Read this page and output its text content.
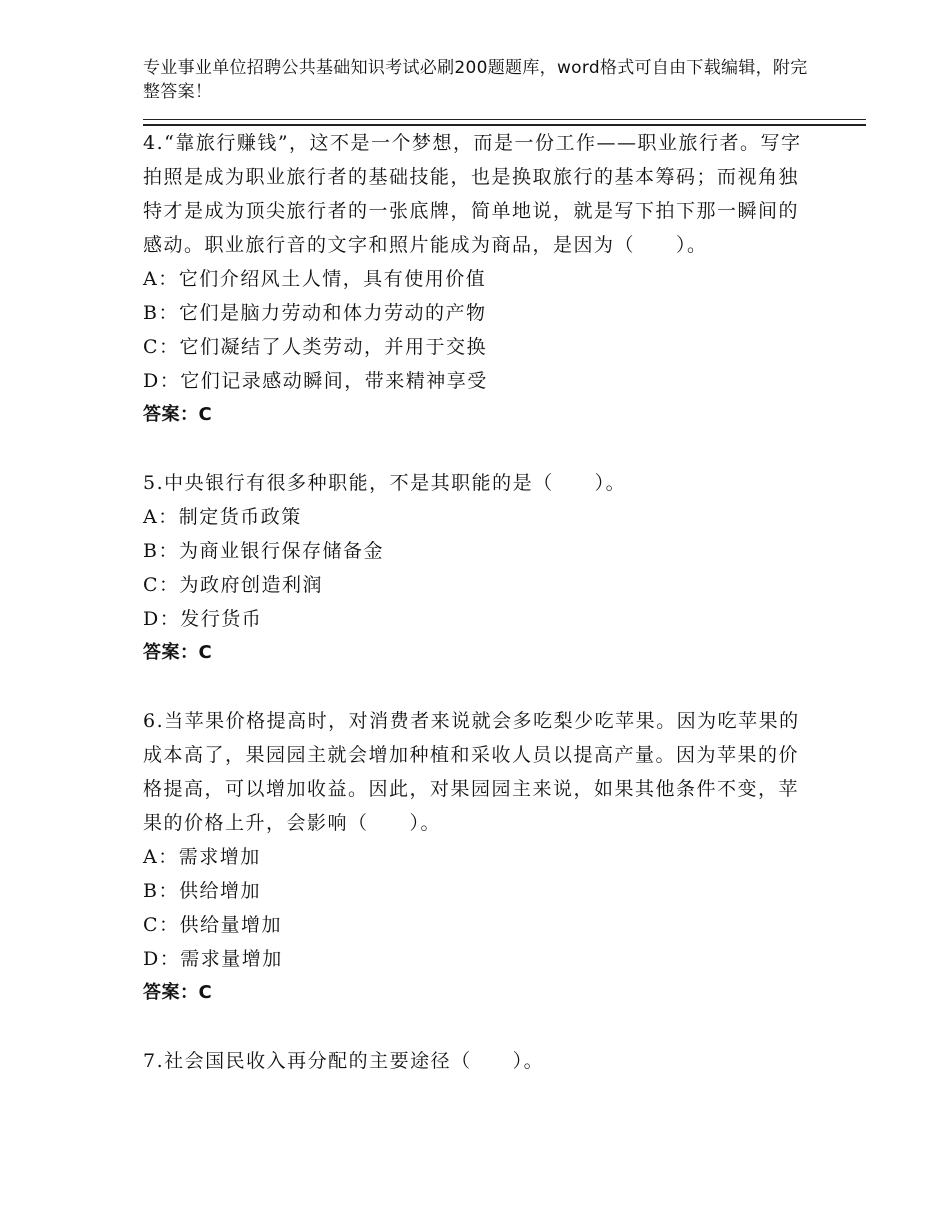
专业事业单位招聘公共基础知识考试必刷200题题库，word格式可自由下载编辑，附完整答案！

4.“靠旅行赚钱”，这不是一个梦想，而是一份工作——职业旅行者。写字拍照是成为职业旅行者的基础技能，也是换取旅行的基本筹码；而视角独特才是成为顶尖旅行者的一张底牌，简单地说，就是写下拍下那一瞬间的感动。职业旅行音的文字和照片能成为商品，是因为（　　）。

A：它们介绍风土人情，具有使用价值

B：它们是脑力劳动和体力劳动的产物

C：它们凝结了人类劳动，并用于交换

D：它们记录感动瞬间，带来精神享受

答案：C

5.中央银行有很多种职能，不是其职能的是（　　）。

A：制定货币政策

B：为商业银行保存储备金

C：为政府创造利润

D：发行货币

答案：C

6.当苹果价格提高时，对消费者来说就会多吃梨少吃苹果。因为吃苹果的成本高了，果园园主就会增加种植和采收人员以提高产量。因为苹果的价格提高，可以增加收益。因此，对果园园主来说，如果其他条件不变，苹果的价格上升，会影响（　　）。

A：需求增加

B：供给增加

C：供给量增加

D：需求量增加

答案：C

7.社会国民收入再分配的主要途径（　　）。
